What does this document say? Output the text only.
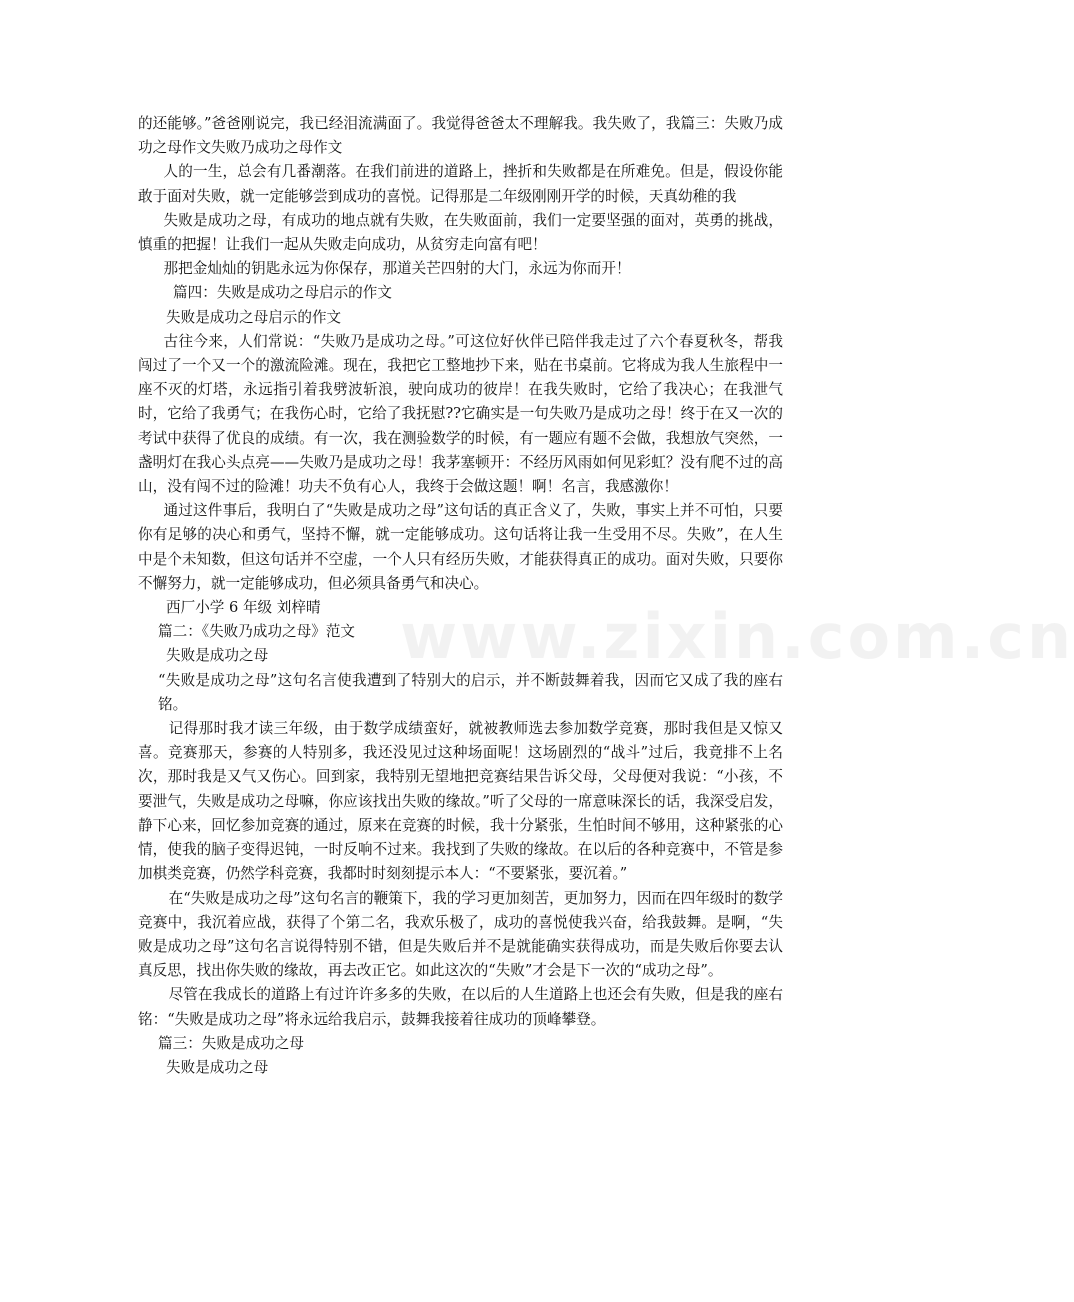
www.zixin.com.cn

的还能够。”爸爸刚说完，我已经泪流满面了。我觉得爸爸太不理解我。我失败了，我篇三：失败乃成功之母作文失败乃成功之母作文

人的一生，总会有几番潮落。在我们前进的道路上，挫折和失败都是在所难免。但是，假设你能敢于面对失败，就一定能够尝到成功的喜悦。记得那是二年级刚刚开学的时候，天真幼稚的我

失败是成功之母，有成功的地点就有失败，在失败面前，我们一定要坚强的面对，英勇的挑战，慎重的把握！让我们一起从失败走向成功，从贫穷走向富有吧！

那把金灿灿的钥匙永远为你保存，那道关芒四射的大门，永远为你而开！

篇四：失败是成功之母启示的作文

失败是成功之母启示的作文

古往今来，人们常说：“失败乃是成功之母。”可这位好伙伴已陪伴我走过了六个春夏秋冬，帮我闯过了一个又一个的激流险滩。现在，我把它工整地抄下来，贴在书桌前。它将成为我人生旅程中一座不灭的灯塔，永远指引着我劈波斩浪，驶向成功的彼岸！在我失败时，它给了我决心；在我泄气时，它给了我勇气；在我伤心时，它给了我抚慰??它确实是一句失败乃是成功之母！终于在又一次的考试中获得了优良的成绩。有一次，我在测验数学的时候，有一题应有题不会做，我想放气突然，一盏明灯在我心头点亮——失败乃是成功之母！我茅塞顿开：不经历风雨如何见彩虹？没有爬不过的高山，没有闯不过的险滩！功夫不负有心人，我终于会做这题！啊！名言，我感激你！

通过这件事后，我明白了“失败是成功之母”这句话的真正含义了，失败，事实上并不可怕，只要你有足够的决心和勇气，坚持不懈，就一定能够成功。这句话将让我一生受用不尽。失败”，在人生中是个未知数，但这句话并不空虚，一个人只有经历失败，才能获得真正的成功。面对失败，只要你不懈努力，就一定能够成功，但必须具备勇气和决心。

西厂小学 6 年级 刘梓晴

篇二：《失败乃成功之母》范文

失败是成功之母

“失败是成功之母”这句名言使我遭到了特别大的启示，并不断鼓舞着我，因而它又成了我的座右铭。

记得那时我才读三年级，由于数学成绩蛮好，就被教师选去参加数学竞赛，那时我但是又惊又喜。竞赛那天，参赛的人特别多，我还没见过这种场面呢！这场剧烈的“战斗”过后，我竟排不上名次，那时我是又气又伤心。回到家，我特别无望地把竞赛结果告诉父母，父母便对我说：“小孩，不要泄气，失败是成功之母嘛，你应该找出失败的缘故。”听了父母的一席意味深长的话，我深受启发，静下心来，回忆参加竞赛的通过，原来在竞赛的时候，我十分紧张，生怕时间不够用，这种紧张的心情，使我的脑子变得迟钝，一时反响不过来。我找到了失败的缘故。在以后的各种竞赛中，不管是参加棋类竞赛，仍然学科竞赛，我都时时刻刻提示本人：“不要紧张，要沉着。”

在“失败是成功之母”这句名言的鞭策下，我的学习更加刻苦，更加努力，因而在四年级时的数学竞赛中，我沉着应战，获得了个第二名，我欢乐极了，成功的喜悦使我兴奋，给我鼓舞。是啊，“失败是成功之母”这句名言说得特别不错，但是失败后并不是就能确实获得成功，而是失败后你要去认真反思，找出你失败的缘故，再去改正它。如此这次的“失败”才会是下一次的“成功之母”。

尽管在我成长的道路上有过许许多多的失败，在以后的人生道路上也还会有失败，但是我的座右铭：“失败是成功之母”将永远给我启示，鼓舞我接着往成功的顶峰攀登。

篇三：失败是成功之母

失败是成功之母
